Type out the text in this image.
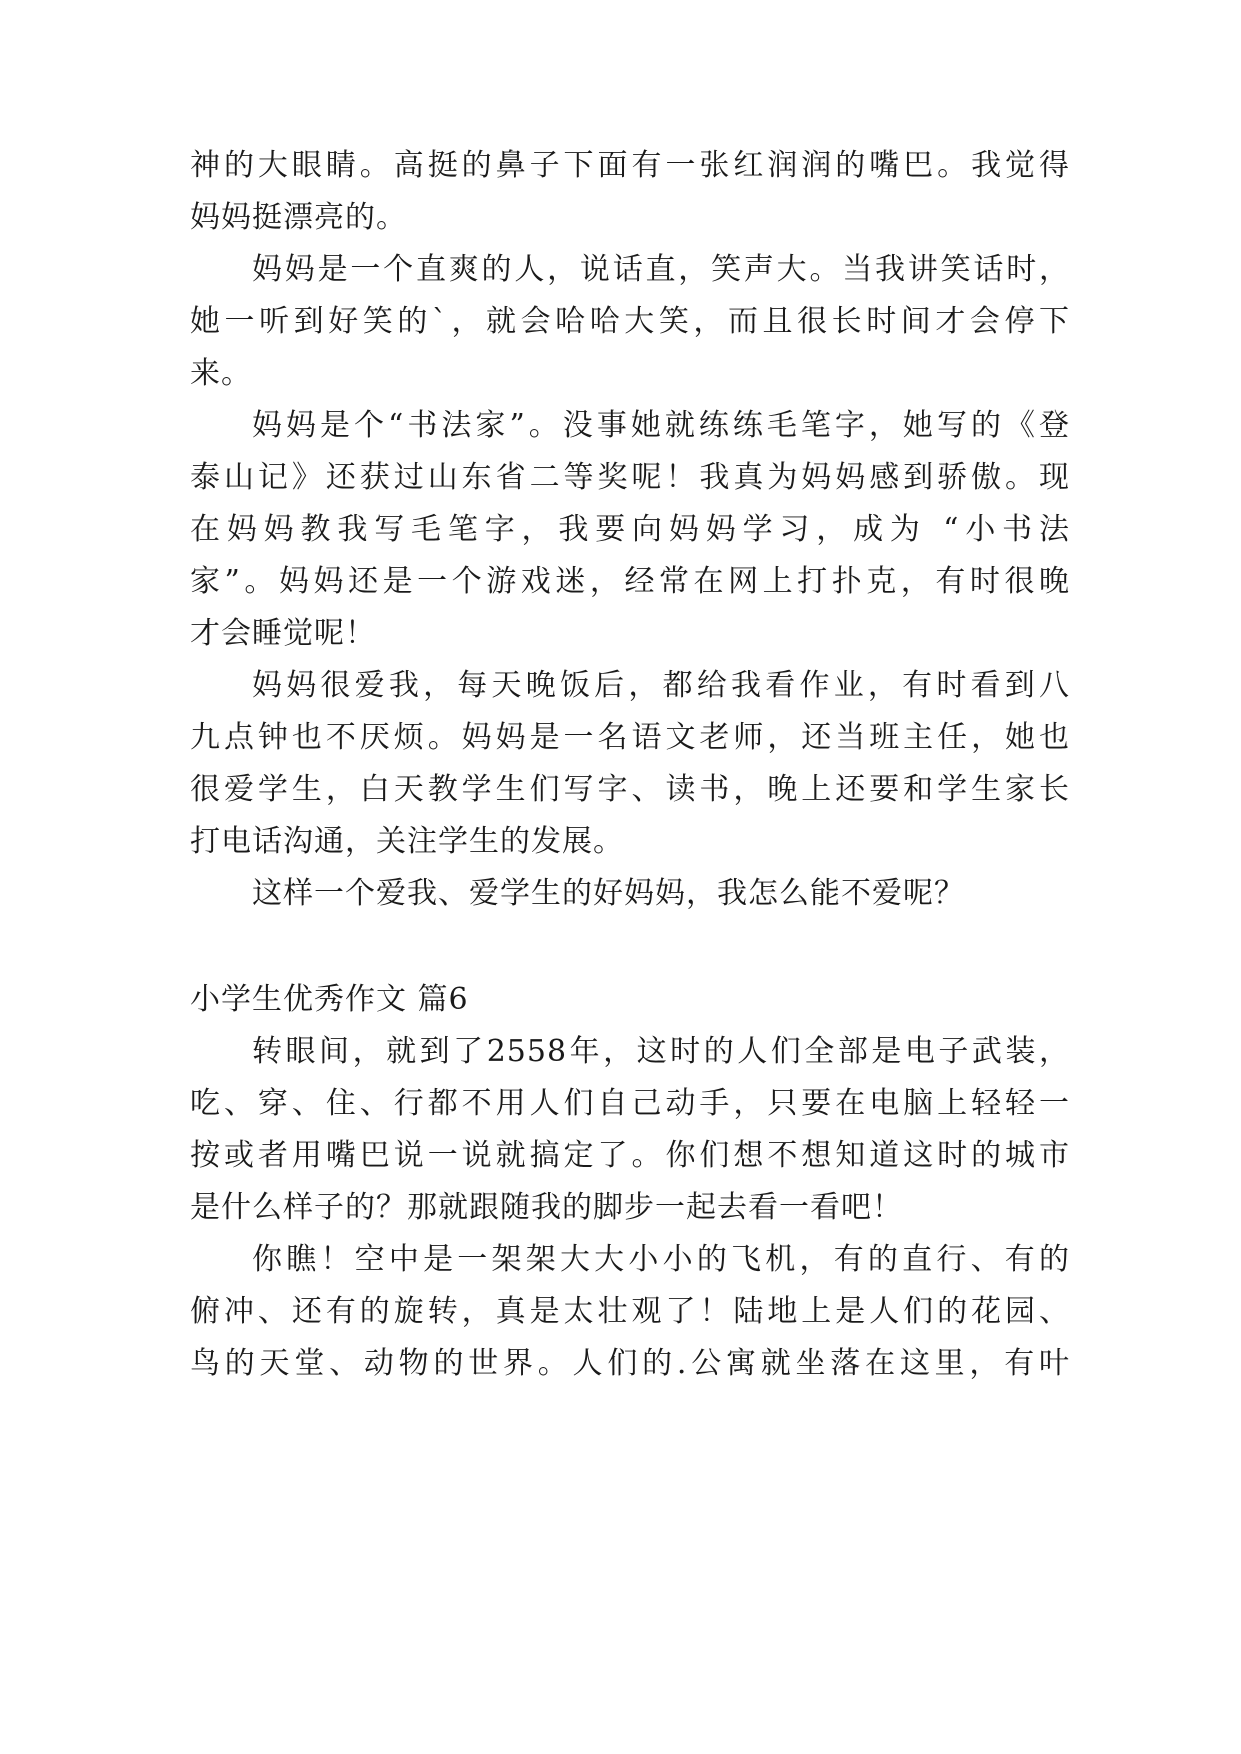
神的大眼睛。高挺的鼻子下面有一张红润润的嘴巴。我觉得
妈妈挺漂亮的。
妈妈是一个直爽的人，说话直，笑声大。当我讲笑话时，
她一听到好笑的`，就会哈哈大笑，而且很长时间才会停下
来。
妈妈是个“书法家”。没事她就练练毛笔字，她写的《登
泰山记》还获过山东省二等奖呢！我真为妈妈感到骄傲。现
在妈妈教我写毛笔字，我要向妈妈学习，成为 “小书法
家”。妈妈还是一个游戏迷，经常在网上打扑克，有时很晚
才会睡觉呢！
妈妈很爱我，每天晚饭后，都给我看作业，有时看到八
九点钟也不厌烦。妈妈是一名语文老师，还当班主任，她也
很爱学生，白天教学生们写字、读书，晚上还要和学生家长
打电话沟通，关注学生的发展。
这样一个爱我、爱学生的好妈妈，我怎么能不爱呢？
小学生优秀作文 篇6
转眼间，就到了2558年，这时的人们全部是电子武装，
吃、穿、住、行都不用人们自己动手，只要在电脑上轻轻一
按或者用嘴巴说一说就搞定了。你们想不想知道这时的城市
是什么样子的？那就跟随我的脚步一起去看一看吧！
你瞧！空中是一架架大大小小的飞机，有的直行、有的
俯冲、还有的旋转，真是太壮观了！陆地上是人们的花园、
鸟的天堂、动物的世界。人们的.公寓就坐落在这里，有叶
